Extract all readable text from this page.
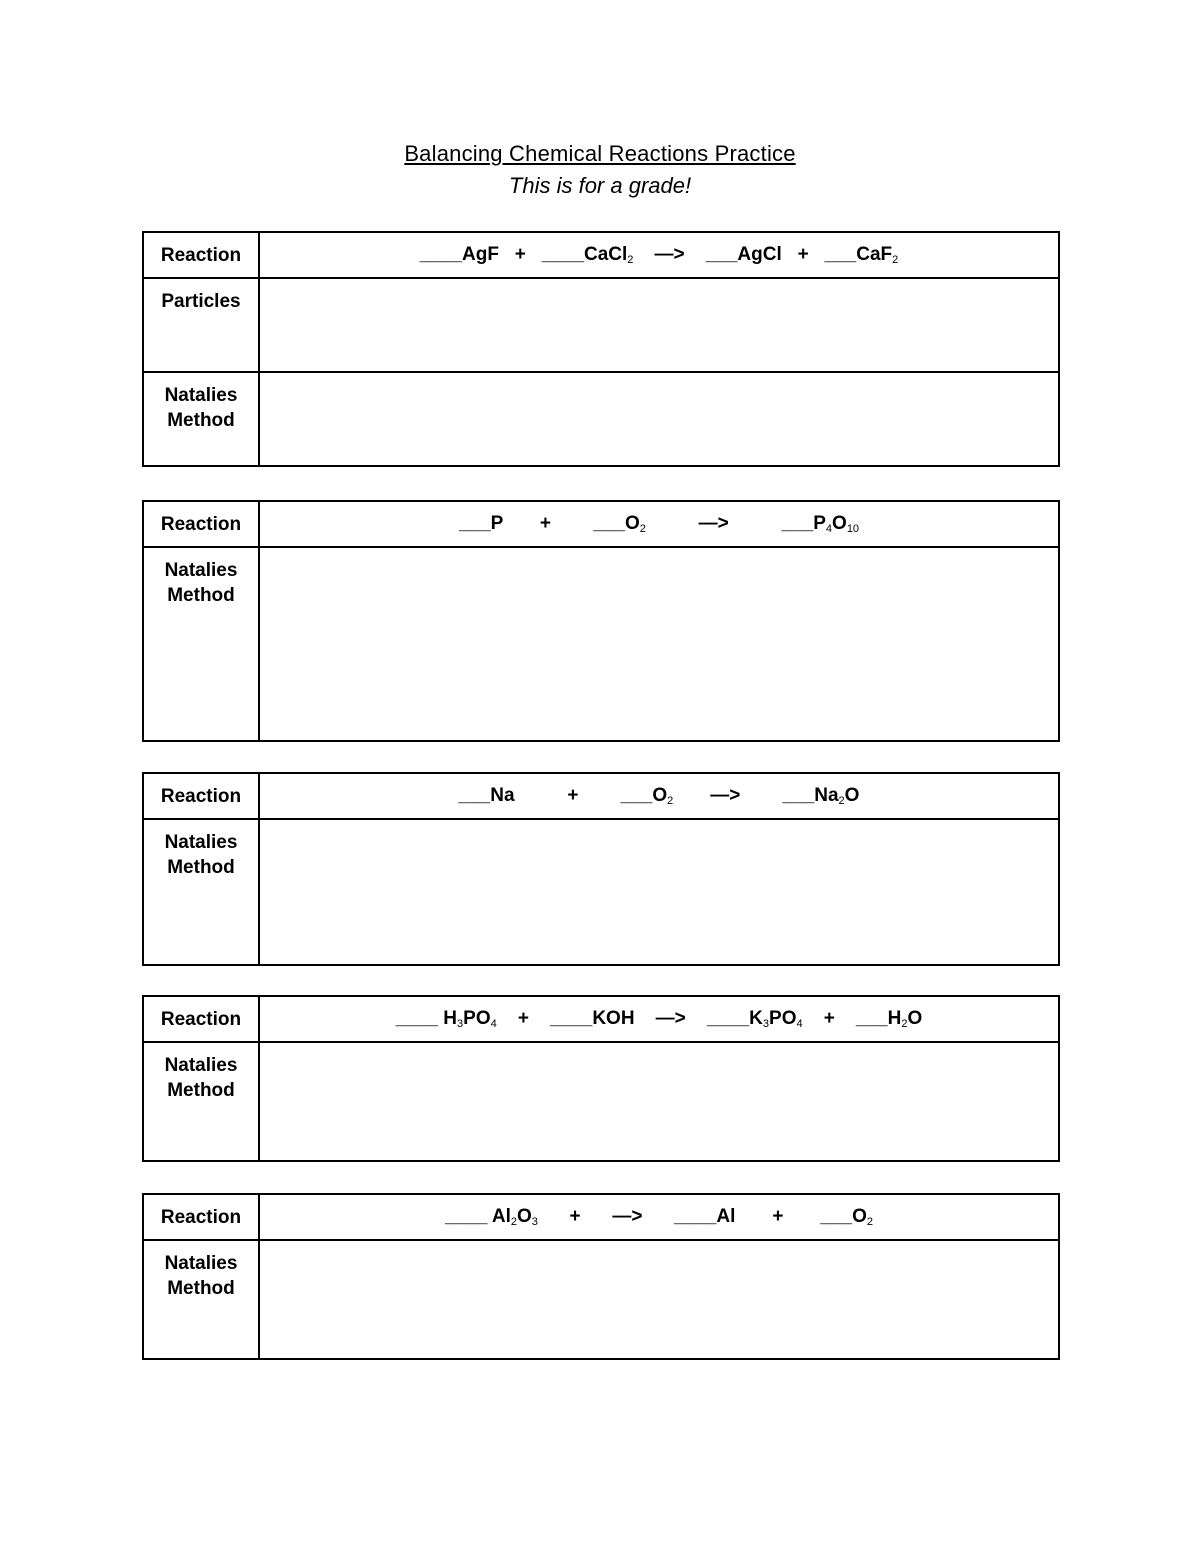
Balancing Chemical Reactions Practice
This is for a grade!
Reaction	____AgF   +   ____CaCl$_2$    —>    ___AgCl   +   ___CaF$_2$

Particles	

Natalies
Method	

Reaction	___P       +        $\_\_\_O_2$          —>          $\_\_\_P_4O_{10}$

Natalies
Method	

Reaction	___Na          +        $\_\_\_O_2$       —>        $\_\_\_Na_2O$

Natalies
Method	

Reaction	____ $H_3PO_4$    +    ____KOH    —>    $\_\_\_\_K_3PO_4$    +    $\_\_\_H_2O$

Natalies
Method	

Reaction	____ $Al_2O_3$      +      —>      ____Al       +       $\_\_\_O_2$

Natalies
Method	
